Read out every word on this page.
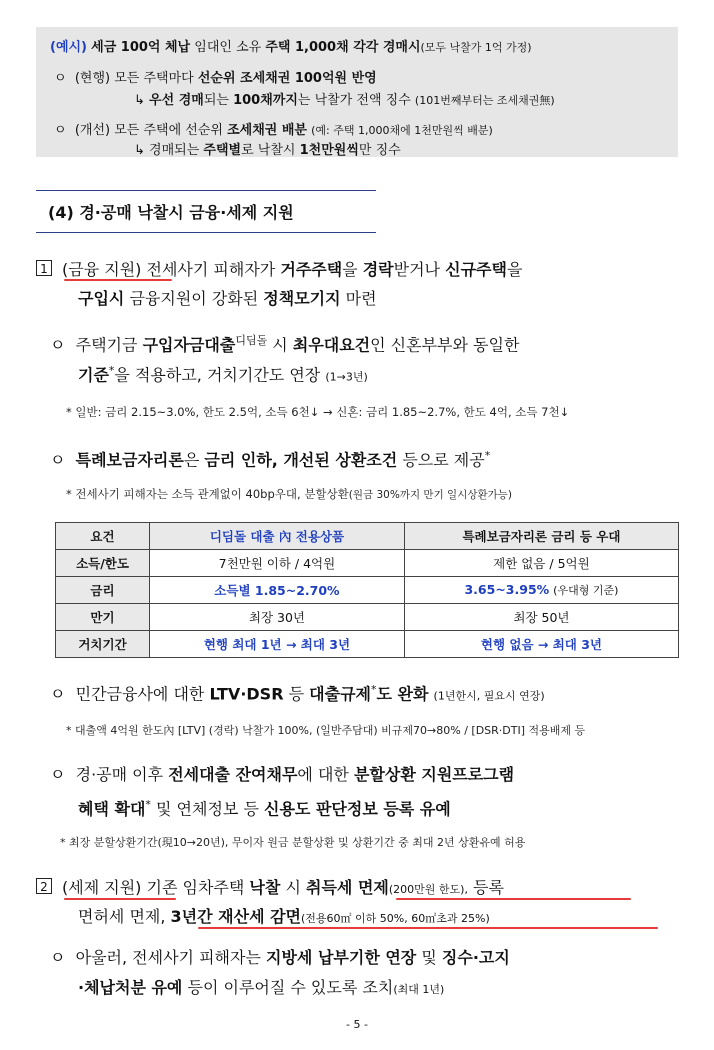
(예시) 세금 100억 체납 임대인 소유 주택 1,000채 각각 경매시(모두 낙찰가 1억 가정)
ㅇ (현행) 모든 주택마다 선순위 조세채권 100억원 반영
↳ 우선 경매되는 100채까지는 낙찰가 전액 징수 (101번째부터는 조세채권無)
ㅇ (개선) 모든 주택에 선순위 조세채권 배분 (예: 주택 1,000채에 1천만원씩 배분)
↳ 경매되는 주택별로 낙찰시 1천만원씩만 징수
(4) 경·공매 낙찰시 금융·세제 지원
1 (금융 지원) 전세사기 피해자가 거주주택을 경락받거나 신규주택을
구입시 금융지원이 강화된 정책모기지 마련
ㅇ 주택기금 구입자금대출$^{디딤돌}$ 시 최우대요건인 신혼부부와 동일한
기준*을 적용하고, 거치기간도 연장 (1→3년)
* 일반: 금리 2.15~3.0%, 한도 2.5억, 소득 6천↓ → 신혼: 금리 1.85~2.7%, 한도 4억, 소득 7천↓
ㅇ 특례보금자리론은 금리 인하, 개선된 상환조건 등으로 제공*
* 전세사기 피해자는 소득 관계없이 40bp우대, 분할상환(원금 30%까지 만기 일시상환가능)
요건	디딤돌 대출 內 전용상품	특례보금자리론 금리 등 우대
소득/한도	7천만원 이하 / 4억원	제한 없음 / 5억원
금리	소득별 1.85~2.70%	3.65~3.95% (우대형 기준)
만기	최장 30년	최장 50년
거치기간	현행 최대 1년 → 최대 3년	현행 없음 → 최대 3년
ㅇ 민간금융사에 대한 LTV·DSR 등 대출규제*도 완화 (1년한시, 필요시 연장)
* 대출액 4억원 한도內 [LTV] (경락) 낙찰가 100%, (일반주담대) 비규제70→80% / [DSR·DTI] 적용배제 등
ㅇ 경·공매 이후 전세대출 잔여채무에 대한 분할상환 지원프로그램
혜택 확대* 및 연체정보 등 신용도 판단정보 등록 유예
* 최장 분할상환기간(現10→20년), 무이자 원금 분할상환 및 상환기간 중 최대 2년 상환유예 허용
2 (세제 지원) 기존 임차주택 낙찰 시 취득세 면제(200만원 한도), 등록
면허세 면제, 3년간 재산세 감면(전용60㎡ 이하 50%, 60㎡초과 25%)
ㅇ 아울러, 전세사기 피해자는 지방세 납부기한 연장 및 징수·고지
·체납처분 유예 등이 이루어질 수 있도록 조치(최대 1년)
- 5 -
